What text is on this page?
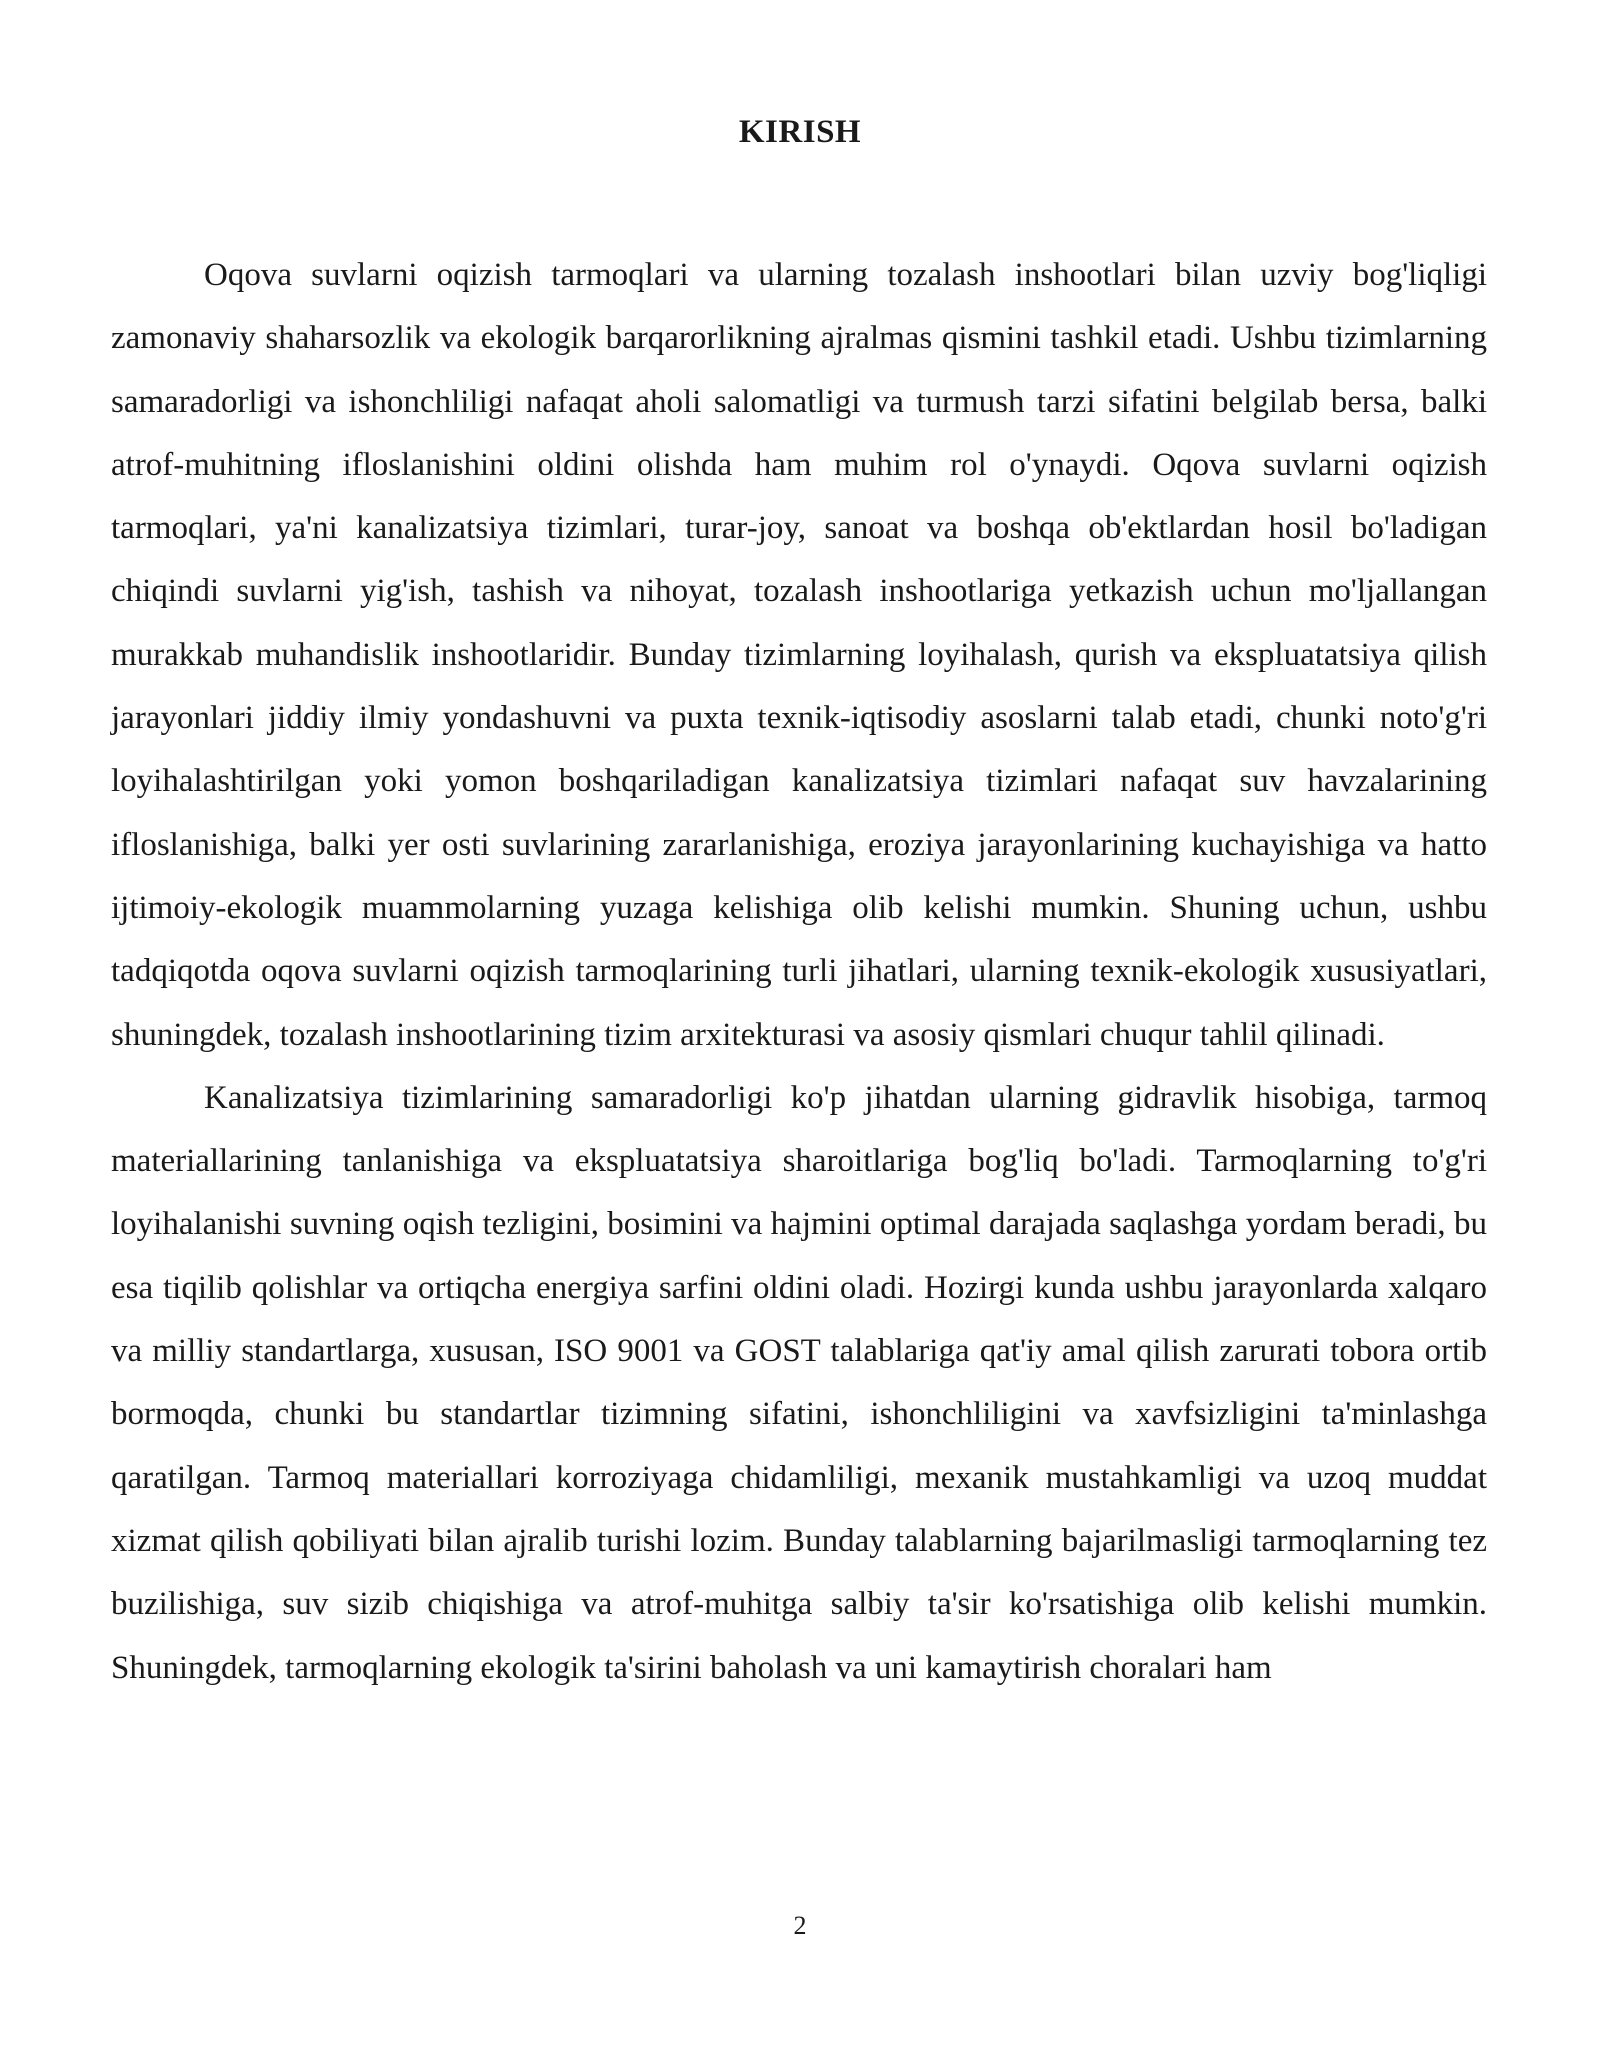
KIRISH

Oqova suvlarni oqizish tarmoqlari va ularning tozalash inshootlari bilan uzviy bog'liqligi zamonaviy shaharsozlik va ekologik barqarorlikning ajralmas qismini tashkil etadi. Ushbu tizimlarning samaradorligi va ishonchliligi nafaqat aholi salomatligi va turmush tarzi sifatini belgilab bersa, balki atrof-muhitning ifloslanishini oldini olishda ham muhim rol o'ynaydi. Oqova suvlarni oqizish tarmoqlari, ya'ni kanalizatsiya tizimlari, turar-joy, sanoat va boshqa ob'ektlardan hosil bo'ladigan chiqindi suvlarni yig'ish, tashish va nihoyat, tozalash inshootlariga yetkazish uchun mo'ljallangan murakkab muhandislik inshootlaridir. Bunday tizimlarning loyihalash, qurish va ekspluatatsiya qilish jarayonlari jiddiy ilmiy yondashuvni va puxta texnik-iqtisodiy asoslarni talab etadi, chunki noto'g'ri loyihalashtirilgan yoki yomon boshqariladigan kanalizatsiya tizimlari nafaqat suv havzalarining ifloslanishiga, balki yer osti suvlarining zararlanishiga, eroziya jarayonlarining kuchayishiga va hatto ijtimoiy-ekologik muammolarning yuzaga kelishiga olib kelishi mumkin. Shuning uchun, ushbu tadqiqotda oqova suvlarni oqizish tarmoqlarining turli jihatlari, ularning texnik-ekologik xususiyatlari, shuningdek, tozalash inshootlarining tizim arxitekturasi va asosiy qismlari chuqur tahlil qilinadi.

Kanalizatsiya tizimlarining samaradorligi ko'p jihatdan ularning gidravlik hisobiga, tarmoq materiallarining tanlanishiga va ekspluatatsiya sharoitlariga bog'liq bo'ladi. Tarmoqlarning to'g'ri loyihalanishi suvning oqish tezligini, bosimini va hajmini optimal darajada saqlashga yordam beradi, bu esa tiqilib qolishlar va ortiqcha energiya sarfini oldini oladi. Hozirgi kunda ushbu jarayonlarda xalqaro va milliy standartlarga, xususan, ISO 9001 va GOST talablariga qat'iy amal qilish zarurati tobora ortib bormoqda, chunki bu standartlar tizimning sifatini, ishonchliligini va xavfsizligini ta'minlashga qaratilgan. Tarmoq materiallari korroziyaga chidamliligi, mexanik mustahkamligi va uzoq muddat xizmat qilish qobiliyati bilan ajralib turishi lozim. Bunday talablarning bajarilmasligi tarmoqlarning tez buzilishiga, suv sizib chiqishiga va atrof-muhitga salbiy ta'sir ko'rsatishiga olib kelishi mumkin. Shuningdek, tarmoqlarning ekologik ta'sirini baholash va uni kamaytirish choralari ham

2
